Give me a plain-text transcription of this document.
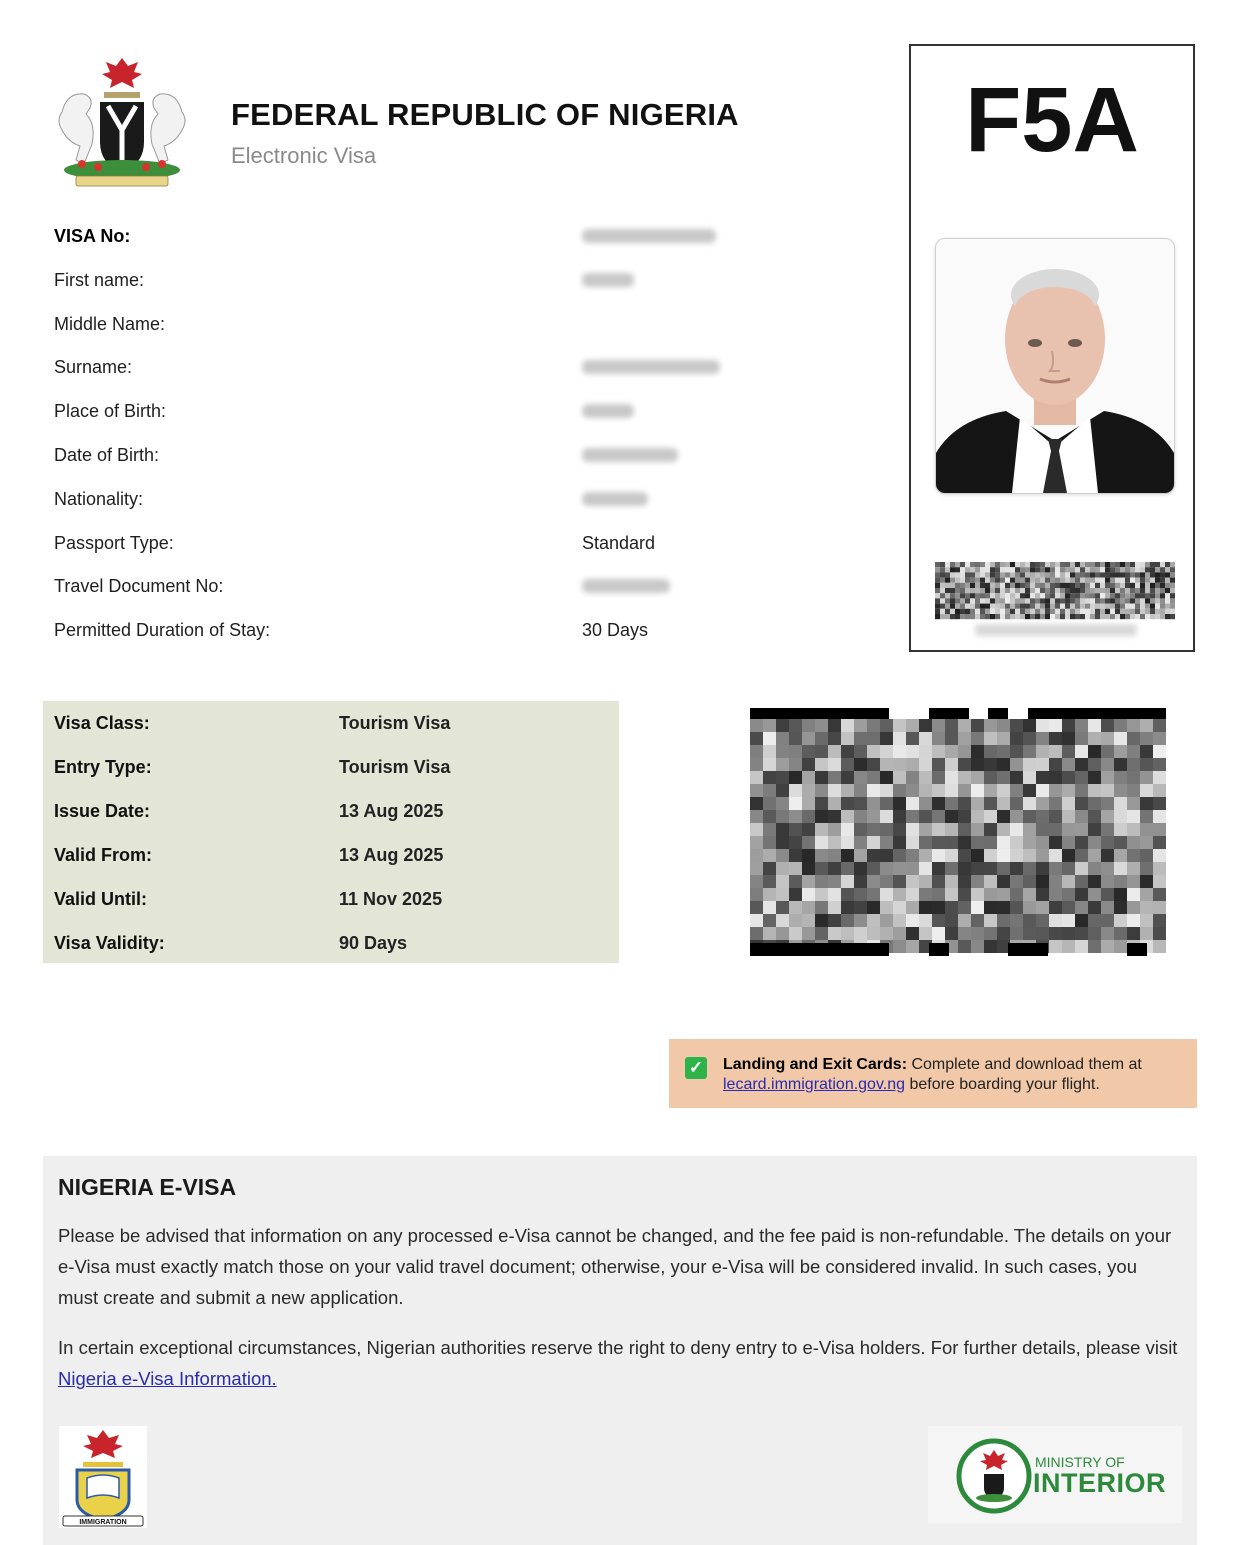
FEDERAL REPUBLIC OF NIGERIA
Electronic Visa	F5A
VISA No:
First name:
Middle Name:
Surname:
Place of Birth:
Date of Birth:
Nationality:
Passport Type:	Standard
Travel Document No:
Permitted Duration of Stay:	30 Days
Visa Class:	Tourism Visa
Entry Type:	Tourism Visa
Issue Date:	13 Aug 2025
Valid From:	13 Aug 2025
Valid Until:	11 Nov 2025
Visa Validity:	90 Days
✓ Landing and Exit Cards: Complete and download them at lecard.immigration.gov.ng before boarding your flight.
NIGERIA E-VISA
Please be advised that information on any processed e-Visa cannot be changed, and the fee paid is non-refundable. The details on your e-Visa must exactly match those on your valid travel document; otherwise, your e-Visa will be considered invalid. In such cases, you must create and submit a new application.
In certain exceptional circumstances, Nigerian authorities reserve the right to deny entry to e-Visa holders. For further details, please visit Nigeria e-Visa Information.
IMMIGRATION
MINISTRY OF
INTERIOR
